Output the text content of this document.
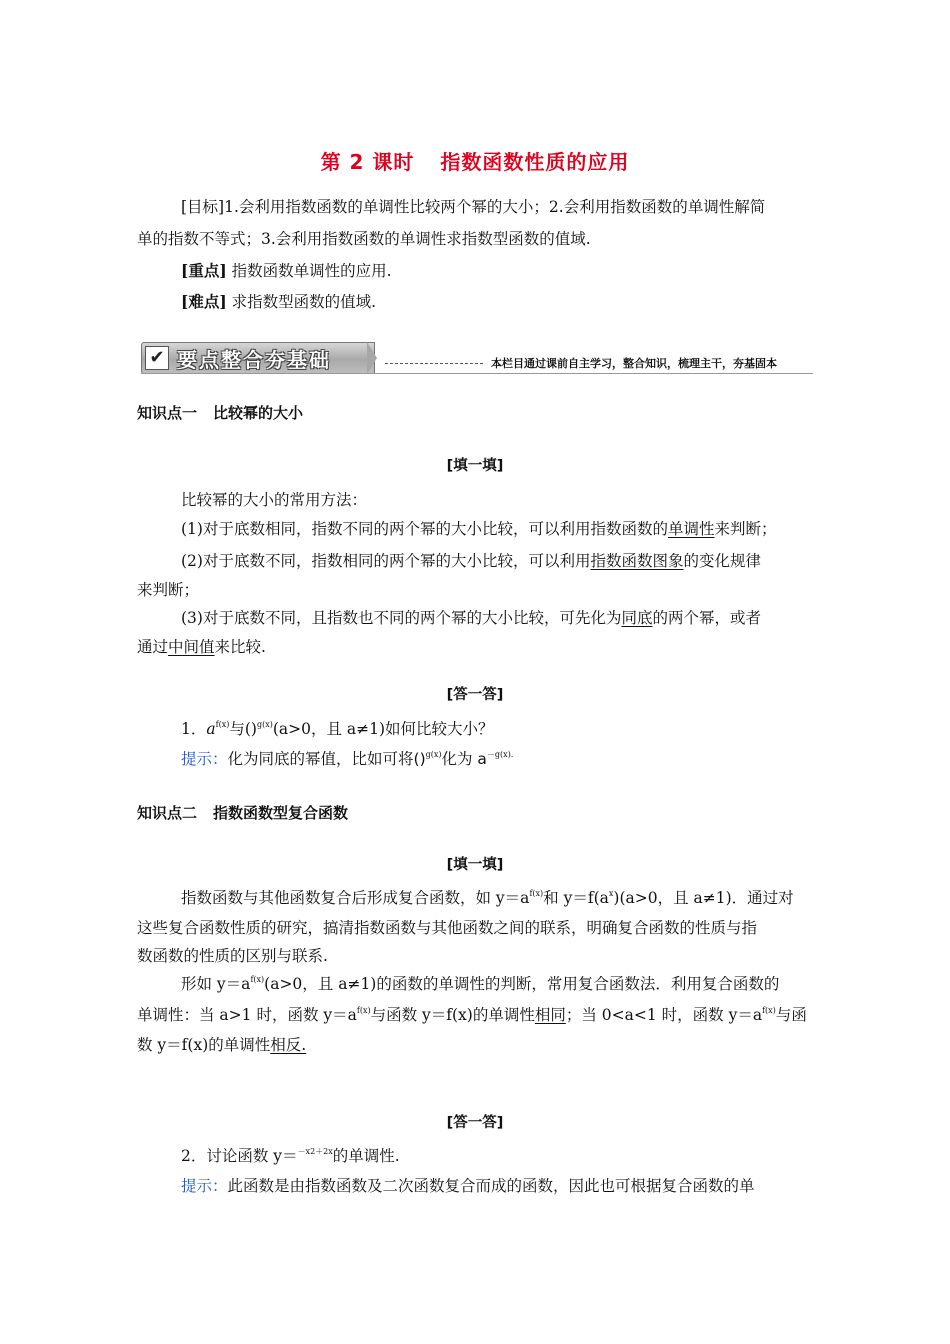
第 2 课时 指数函数性质的应用

[目标]1.会利用指数函数的单调性比较两个幂的大小；2.会利用指数函数的单调性解简

单的指数不等式；3.会利用指数函数的单调性求指数型函数的值域.

[重点] 指数函数单调性的应用.

[难点] 求指数型函数的值域.

✔ 要点整合夯基础	本栏目通过课前自主学习，整合知识，梳理主干，夯基固本
知识点一 比较幂的大小
[填一填]

比较幂的大小的常用方法：

(1)对于底数相同，指数不同的两个幂的大小比较，可以利用指数函数的单调性来判断；

(2)对于底数不同，指数相同的两个幂的大小比较，可以利用指数函数图象的变化规律

来判断；

(3)对于底数不同，且指数也不同的两个幂的大小比较，可先化为同底的两个幂，或者

通过中间值来比较.

[答一答]

1．$a^{f(x)}$与()$^{g(x)}$(a>0，且 a≠1)如何比较大小？

提示：化为同底的幂值，比如可将()$^{g(x)}$化为 $a^{-g(x).}$

知识点二 指数函数型复合函数
[填一填]

指数函数与其他函数复合后形成复合函数，如 $y=a^{f(x)}$和 $y=f(a^x)(a>0$，且 a≠1)．通过对

这些复合函数性质的研究，搞清指数函数与其他函数之间的联系，明确复合函数的性质与指

数函数的性质的区别与联系.

形如 $y=a^{f(x)}(a>0$，且 a≠1)的函数的单调性的判断，常用复合函数法．利用复合函数的

单调性：当 a>1 时，函数 $y=a^{f(x)}$与函数 y＝f(x)的单调性相同；当 0<a<1 时，函数 $y=a^{f(x)}$与函

数 y＝f(x)的单调性相反.

[答一答]

2．讨论函数 y＝$^{-x2+2x}$的单调性.

提示：此函数是由指数函数及二次函数复合而成的函数，因此也可根据复合函数的单
